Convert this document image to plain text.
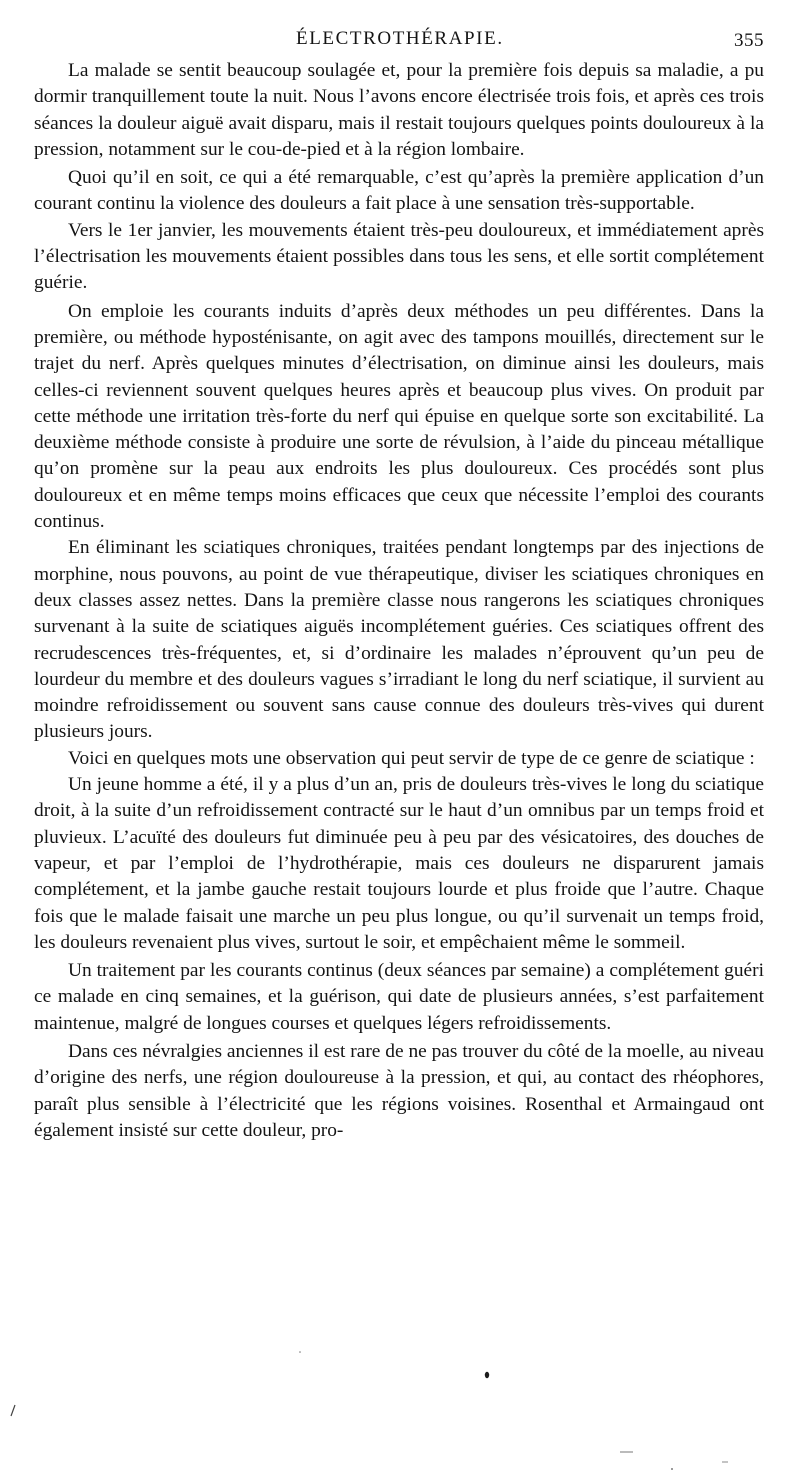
ÉLECTROTHÉRAPIE.	355

La malade se sentit beaucoup soulagée et, pour la première fois depuis sa maladie, a pu dormir tranquillement toute la nuit. Nous l’avons encore électrisée trois fois, et après ces trois séances la douleur aiguë avait disparu, mais il restait toujours quelques points douloureux à la pression, notamment sur le cou-de-pied et à la région lombaire.

Quoi qu’il en soit, ce qui a été remarquable, c’est qu’après la première application d’un courant continu la violence des douleurs a fait place à une sensation très-supportable.

Vers le 1er janvier, les mouvements étaient très-peu douloureux, et immédiatement après l’électrisation les mouvements étaient possibles dans tous les sens, et elle sortit complétement guérie.

On emploie les courants induits d’après deux méthodes un peu différentes. Dans la première, ou méthode hyposténisante, on agit avec des tampons mouillés, directement sur le trajet du nerf. Après quelques minutes d’électrisation, on diminue ainsi les douleurs, mais celles-ci reviennent souvent quelques heures après et beaucoup plus vives. On produit par cette méthode une irritation très-forte du nerf qui épuise en quelque sorte son excitabilité. La deuxième méthode consiste à produire une sorte de révulsion, à l’aide du pinceau métallique qu’on promène sur la peau aux endroits les plus douloureux. Ces procédés sont plus douloureux et en même temps moins efficaces que ceux que nécessite l’emploi des courants continus.

En éliminant les sciatiques chroniques, traitées pendant longtemps par des injections de morphine, nous pouvons, au point de vue thérapeutique, diviser les sciatiques chroniques en deux classes assez nettes. Dans la première classe nous rangerons les sciatiques chroniques survenant à la suite de sciatiques aiguës incomplétement guéries. Ces sciatiques offrent des recrudescences très-fréquentes, et, si d’ordinaire les malades n’éprouvent qu’un peu de lourdeur du membre et des douleurs vagues s’irradiant le long du nerf sciatique, il survient au moindre refroidissement ou souvent sans cause connue des douleurs très-vives qui durent plusieurs jours.

Voici en quelques mots une observation qui peut servir de type de ce genre de sciatique :

Un jeune homme a été, il y a plus d’un an, pris de douleurs très-vives le long du sciatique droit, à la suite d’un refroidissement contracté sur le haut d’un omnibus par un temps froid et pluvieux. L’acuïté des douleurs fut diminuée peu à peu par des vésicatoires, des douches de vapeur, et par l’emploi de l’hydrothérapie, mais ces douleurs ne disparurent jamais complétement, et la jambe gauche restait toujours lourde et plus froide que l’autre. Chaque fois que le malade faisait une marche un peu plus longue, ou qu’il survenait un temps froid, les douleurs revenaient plus vives, surtout le soir, et empêchaient même le sommeil.

Un traitement par les courants continus (deux séances par semaine) a complétement guéri ce malade en cinq semaines, et la guérison, qui date de plusieurs années, s’est parfaitement maintenue, malgré de longues courses et quelques légers refroidissements.

Dans ces névralgies anciennes il est rare de ne pas trouver du côté de la moelle, au niveau d’origine des nerfs, une région douloureuse à la pression, et qui, au contact des rhéophores, paraît plus sensible à l’électricité que les régions voisines. Rosenthal et Armaingaud ont également insisté sur cette douleur, pro-
